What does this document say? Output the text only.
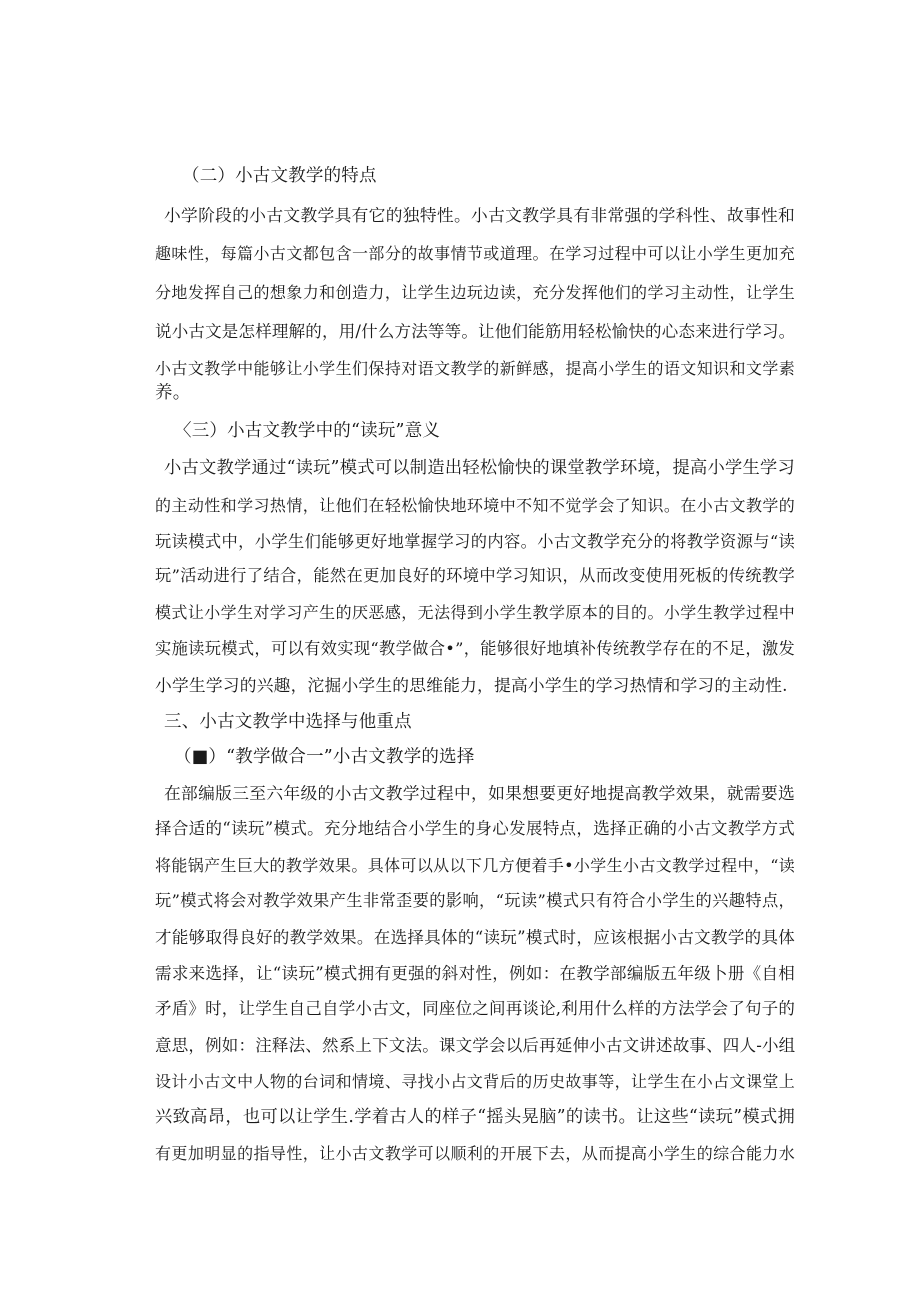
（二）小古文教学的特点
小学阶段的小古文教学具有它的独特性。小古文教学具有非常强的学科性、故事性和
趣味性，每篇小古文都包含一部分的故事情节或道理。在学习过程中可以让小学生更加充
分地发挥自己的想象力和创造力，让学生边玩边读，充分发挥他们的学习主动性，让学生
说小古文是怎样理解的，用/什么方法等等。让他们能筋用轻松愉快的心态来进行学习。
小古文教学中能够让小学生们保持对语文教学的新鲜感，提高小学生的语文知识和文学素
养。
〈三）小古文教学中的“读玩”意义
小古文教学通过“读玩”模式可以制造出轻松愉快的课堂教学环境，提高小学生学习
的主动性和学习热情，让他们在轻松愉快地环境中不知不觉学会了知识。在小古文教学的
玩读模式中，小学生们能够更好地掌握学习的内容。小古文教学充分的将教学资源与“读
玩”活动进行了结合，能然在更加良好的环境中学习知识，从而改变使用死板的传统教学
模式让小学生对学习产生的厌恶感，无法得到小学生教学原本的目的。小学生教学过程中
实施读玩模式，可以有效实现“教学做合•”，能够很好地填补传统教学存在的不足，激发
小学生学习的兴趣，沱掘小学生的思维能力，提高小学生的学习热情和学习的主动性.
三、小古文教学中选择与他重点
（■）“教学做合一”小古文教学的选择
在部编版三至六年级的小古文教学过程中，如果想要更好地提高教学效果，就需要选
择合适的“读玩”模式。充分地结合小学生的身心发展特点，选择正确的小古文教学方式
将能锅产生巨大的教学效果。具体可以从以下几方便着手•小学生小古文教学过程中，“读
玩”模式将会对教学效果产生非常歪要的影响，“玩读”模式只有符合小学生的兴趣特点，
才能够取得良好的教学效果。在选择具体的“读玩”模式时，应该根据小古文教学的具体
需求来选择，让“读玩”模式拥有更强的斜对性，例如：在教学部编版五年级卜册《自相
矛盾》时，让学生自己自学小古文，同座位之间再谈论,利用什么样的方法学会了句子的
意思，例如：注释法、然系上下文法。课文学会以后再延伸小古文讲述故事、四人-小组
设计小古文中人物的台词和情境、寻找小占文背后的历史故事等，让学生在小占文课堂上
兴致高昂，也可以让学生.学着古人的样子“摇头晃脑”的读书。让这些“读玩”模式拥
有更加明显的指导性，让小古文教学可以顺利的开展下去，从而提高小学生的综合能力水
